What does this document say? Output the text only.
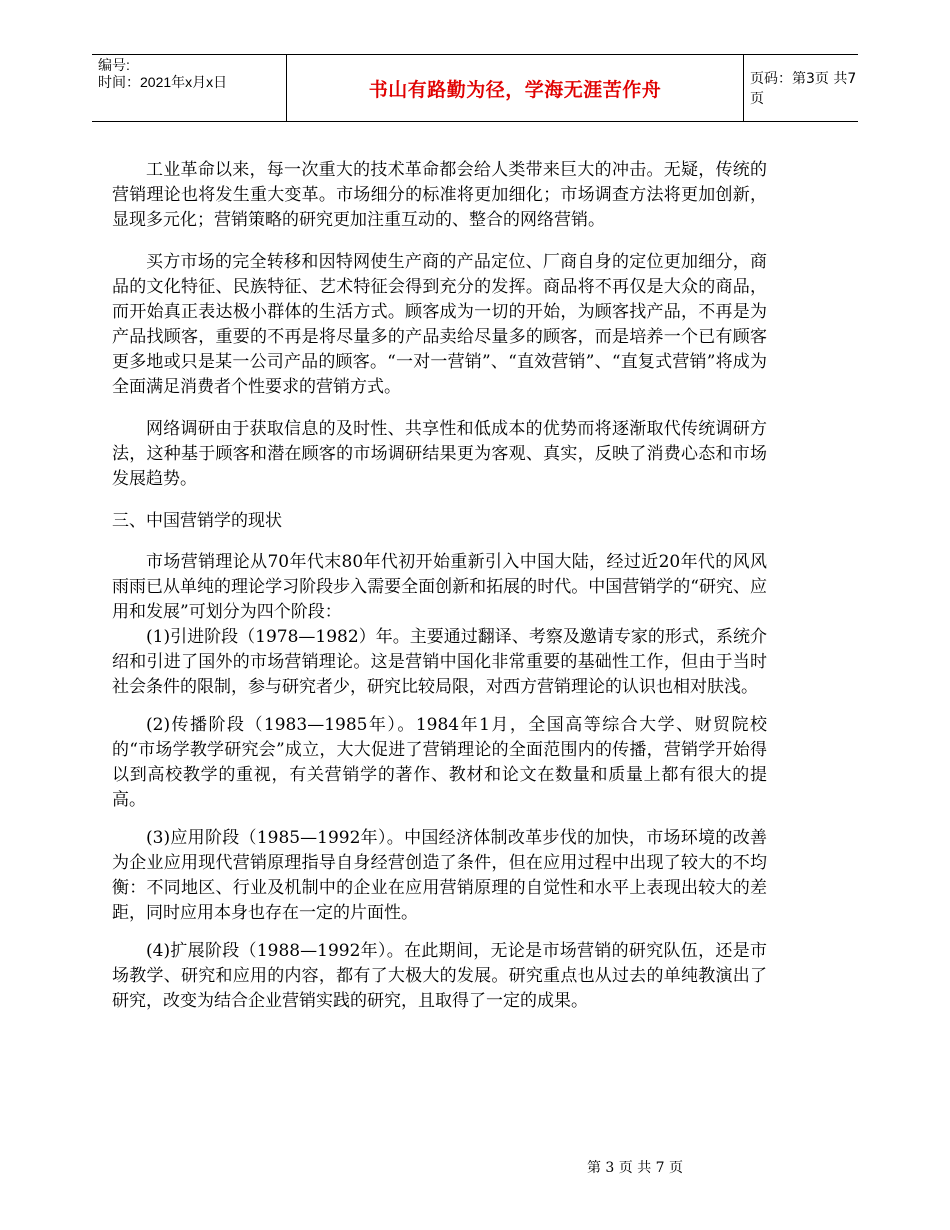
编号:
时间：2021年x月x日	书山有路勤为径，学海无涯苦作舟	页码：第3页 共7页

工业革命以来，每一次重大的技术革命都会给人类带来巨大的冲击。无疑，传统的营销理论也将发生重大变革。市场细分的标准将更加细化；市场调查方法将更加创新，显现多元化；营销策略的研究更加注重互动的、整合的网络营销。

买方市场的完全转移和因特网使生产商的产品定位、厂商自身的定位更加细分，商品的文化特征、民族特征、艺术特征会得到充分的发挥。商品将不再仅是大众的商品，而开始真正表达极小群体的生活方式。顾客成为一切的开始，为顾客找产品，不再是为产品找顾客，重要的不再是将尽量多的产品卖给尽量多的顾客，而是培养一个已有顾客更多地或只是某一公司产品的顾客。“一对一营销”、“直效营销”、“直复式营销”将成为全面满足消费者个性要求的营销方式。

网络调研由于获取信息的及时性、共享性和低成本的优势而将逐渐取代传统调研方法，这种基于顾客和潜在顾客的市场调研结果更为客观、真实，反映了消费心态和市场发展趋势。

三、中国营销学的现状

市场营销理论从70年代末80年代初开始重新引入中国大陆，经过近20年代的风风雨雨已从单纯的理论学习阶段步入需要全面创新和拓展的时代。中国营销学的“研究、应用和发展”可划分为四个阶段：

(1)引进阶段（1978—1982）年。主要通过翻译、考察及邀请专家的形式，系统介绍和引进了国外的市场营销理论。这是营销中国化非常重要的基础性工作，但由于当时社会条件的限制，参与研究者少，研究比较局限，对西方营销理论的认识也相对肤浅。

(2)传播阶段（1983—1985年）。1984年1月，全国高等综合大学、财贸院校的“市场学教学研究会”成立，大大促进了营销理论的全面范围内的传播，营销学开始得以到高校教学的重视，有关营销学的著作、教材和论文在数量和质量上都有很大的提高。

(3)应用阶段（1985—1992年）。中国经济体制改革步伐的加快，市场环境的改善为企业应用现代营销原理指导自身经营创造了条件，但在应用过程中出现了较大的不均衡：不同地区、行业及机制中的企业在应用营销原理的自觉性和水平上表现出较大的差距，同时应用本身也存在一定的片面性。

(4)扩展阶段（1988—1992年）。在此期间，无论是市场营销的研究队伍，还是市场教学、研究和应用的内容，都有了大极大的发展。研究重点也从过去的单纯教演出了研究，改变为结合企业营销实践的研究，且取得了一定的成果。

第 3 页 共 7 页
